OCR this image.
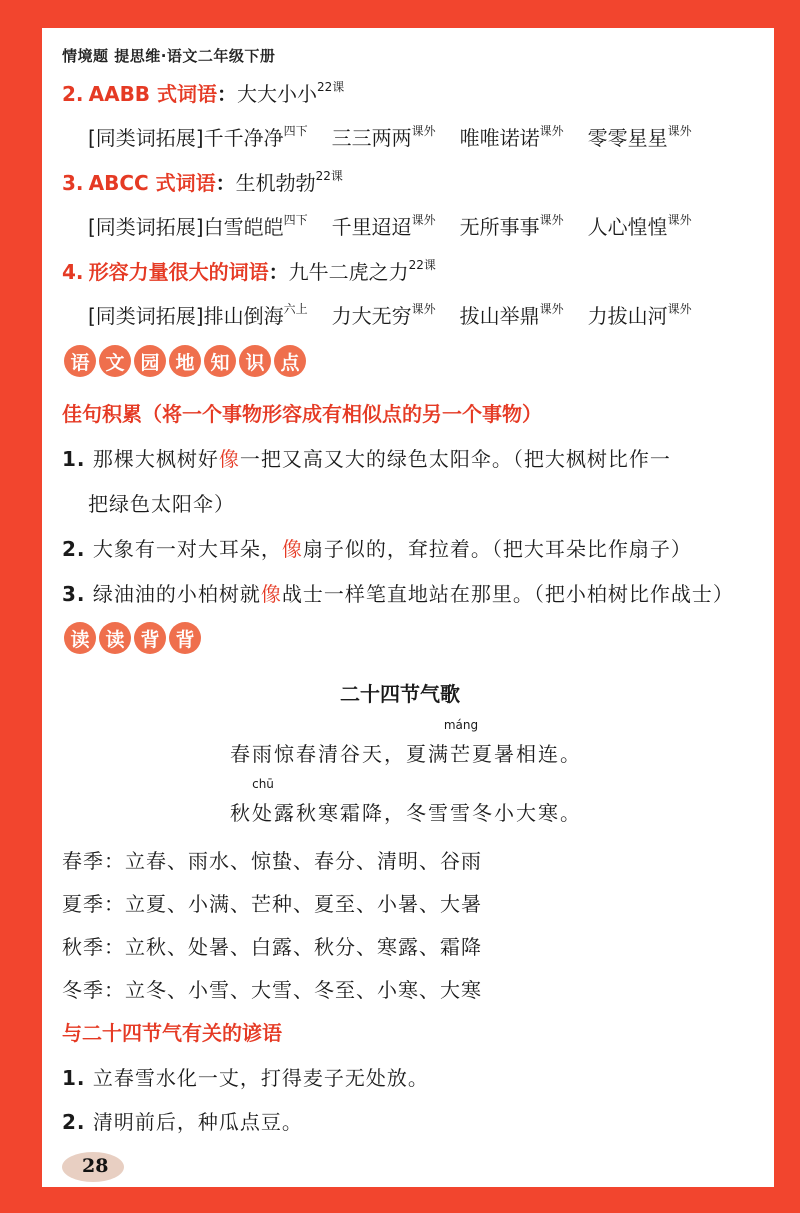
情境题 提思维·语文二年级下册
2. AABB 式词语：大大小小$^{22课}$
[同类词拓展]千千净净$^{四下}$ 三三两两$^{课外}$ 唯唯诺诺$^{课外}$ 零零星星$^{课外}$
3. ABCC 式词语：生机勃勃$^{22课}$
[同类词拓展]白雪皑皑$^{四下}$ 千里迢迢$^{课外}$ 无所事事$^{课外}$ 人心惶惶$^{课外}$
4. 形容力量很大的词语：九牛二虎之力$^{22课}$
[同类词拓展]排山倒海$^{六上}$ 力大无穷$^{课外}$ 拔山举鼎$^{课外}$ 力拔山河$^{课外}$
语 文 园 地 知 识 点
佳句积累（将一个事物形容成有相似点的另一个事物）
1. 那棵大枫树好像一把又高又大的绿色太阳伞。（把大枫树比作一
把绿色太阳伞）
2. 大象有一对大耳朵，像扇子似的，耷拉着。（把大耳朵比作扇子）
3. 绿油油的小柏树就像战士一样笔直地站在那里。（把小柏树比作战士）
读 读 背 背
二十四节气歌
春雨惊春清谷天，夏满
máng
芒夏暑相连。
秋
chū
处露秋寒霜降，冬雪雪冬小大寒。
春季：立春、雨水、惊蛰、春分、清明、谷雨
夏季：立夏、小满、芒种、夏至、小暑、大暑
秋季：立秋、处暑、白露、秋分、寒露、霜降
冬季：立冬、小雪、大雪、冬至、小寒、大寒
与二十四节气有关的谚语
1. 立春雪水化一丈，打得麦子无处放。
2. 清明前后，种瓜点豆。
28
